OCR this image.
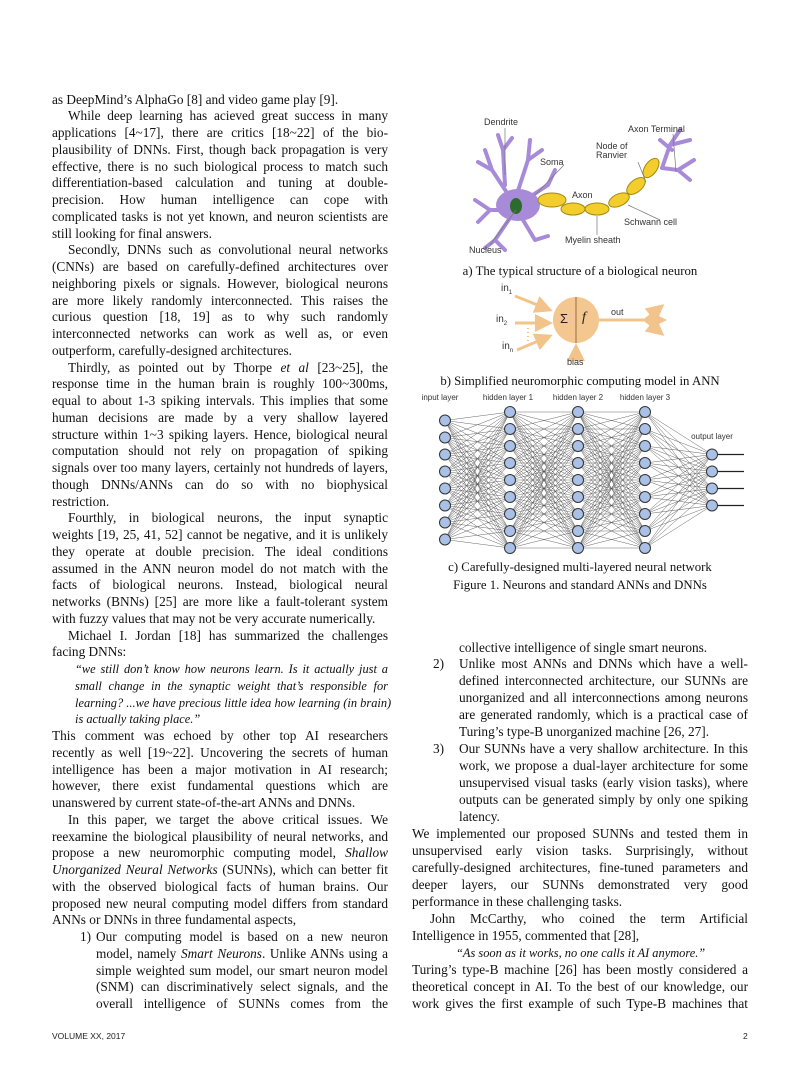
as DeepMind’s AlphaGo [8] and video game play [9].
While deep learning has acieved great success in many
applications [4~17], there are critics [18~22] of the bio-
plausibility of DNNs. First, though back propagation is very
effective, there is no such biological process to match such
differentiation-based calculation and tuning at double-
precision. How human intelligence can cope with
complicated tasks is not yet known, and neuron scientists are
still looking for final answers.
Secondly, DNNs such as convolutional neural networks
(CNNs) are based on carefully-defined architectures over
neighboring pixels or signals. However, biological neurons
are more likely randomly interconnected. This raises the
curious question [18, 19] as to why such randomly
interconnected networks can work as well as, or even
outperform, carefully-designed architectures.
Thirdly, as pointed out by Thorpe et al [23~25], the
response time in the human brain is roughly 100~300ms,
equal to about 1-3 spiking intervals. This implies that some
human decisions are made by a very shallow layered
structure within 1~3 spiking layers. Hence, biological neural
computation should not rely on propagation of spiking
signals over too many layers, certainly not hundreds of layers,
though DNNs/ANNs can do so with no biophysical
restriction.
Fourthly, in biological neurons, the input synaptic
weights [19, 25, 41, 52] cannot be negative, and it is unlikely
they operate at double precision. The ideal conditions
assumed in the ANN neuron model do not match with the
facts of biological neurons. Instead, biological neural
networks (BNNs) [25] are more like a fault-tolerant system
with fuzzy values that may not be very accurate numerically.
Michael I. Jordan [18] has summarized the challenges
facing DNNs:
“we still don’t know how neurons learn. Is it actually just a
small change in the synaptic weight that’s responsible for
learning? ...we have precious little idea how learning (in brain)
is actually taking place.”
This comment was echoed by other top AI researchers
recently as well [19~22]. Uncovering the secrets of human
intelligence has been a major motivation in AI research;
however, there exist fundamental questions which are
unanswered by current state-of-the-art ANNs and DNNs.
In this paper, we target the above critical issues. We
reexamine the biological plausibility of neural networks, and
propose a new neuromorphic computing model, Shallow
Unorganized Neural Networks (SUNNs), which can better fit
with the observed biological facts of human brains. Our
proposed new neural computing model differs from standard
ANNs or DNNs in three fundamental aspects,
1) Our computing model is based on a new neuron
model, namely Smart Neurons. Unlike ANNs using a
simple weighted sum model, our smart neuron model
(SNM) can discriminatively select signals, and the
overall intelligence of SUNNs comes from the
collective intelligence of single smart neurons.
2) Unlike most ANNs and DNNs which have a well-
defined interconnected architecture, our SUNNs are
unorganized and all interconnections among neurons
are generated randomly, which is a practical case of
Turing’s type-B unorganized machine [26, 27].
3) Our SUNNs have a very shallow architecture. In this
work, we propose a dual-layer architecture for some
unsupervised visual tasks (early vision tasks), where
outputs can be generated simply by only one spiking
latency.
We implemented our proposed SUNNs and tested them in
unsupervised early vision tasks. Surprisingly, without
carefully-designed architectures, fine-tuned parameters and
deeper layers, our SUNNs demonstrated very good
performance in these challenging tasks.
John McCarthy, who coined the term Artificial
Intelligence in 1955, commented that [28],
“As soon as it works, no one calls it AI anymore.”
Turing’s type-B machine [26] has been mostly considered a
theoretical concept in AI. To the best of our knowledge, our
work gives the first example of such Type-B machines that
Dendrite
Soma
Node of
Ranvier
Axon Terminal
Axon
Schwann cell
Myelin sheath
Nucleus
a) The typical structure of a biological neuron
$in_1$
$in_2$
$in_n$
Σ f	out
bias
b) Simplified neuromorphic computing model in ANN
input layer	hidden layer 1 hidden layer 2 hidden layer 3
output layer
c) Carefully-designed multi-layered neural network
Figure 1. Neurons and standard ANNs and DNNs
VOLUME XX, 2017	2
